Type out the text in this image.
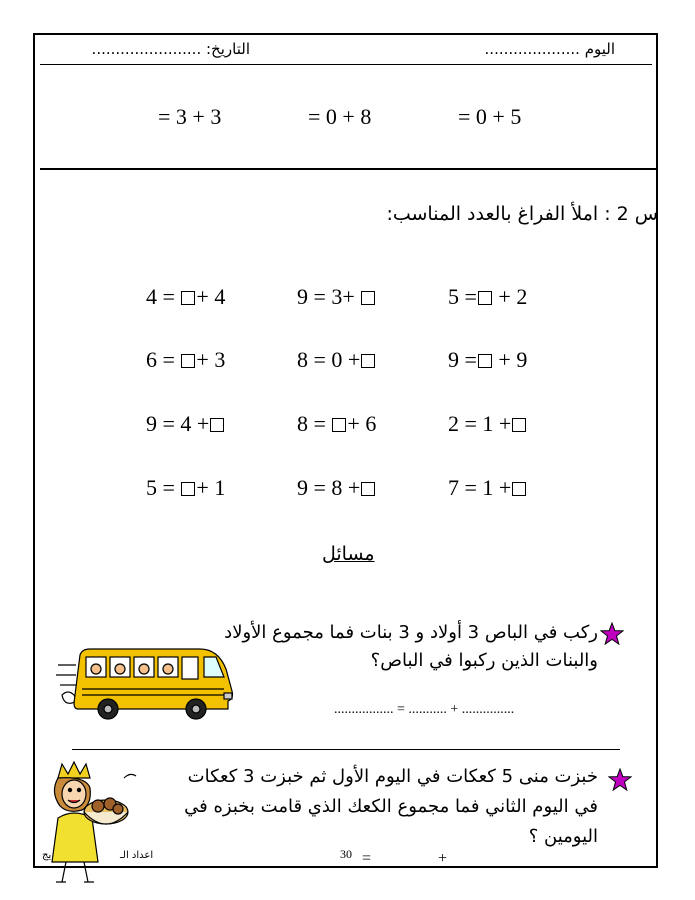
اليوم ....................
التاريخ: .......................
= 0 + 5
= 0 + 8
= 3 + 3
س 2 : املأ الفراغ بالعدد المناسب:
5 = + 2
9 = 3+
4 = + 4
9 = + 9
8 = 0 +
6 = + 3
2 = 1 +
8 = + 6
9 = 4 +
7 = 1 +
9 = 8 +
5 = + 1
مسائل
ركب في الباص 3 أولاد و 3 بنات فما مجموع الأولاد
والبنات الذين ركبوا في الباص؟
................. = ........... + ...............
خبزت منى 5 كعكات في اليوم الأول ثم خبزت 3 كعكات
في اليوم الثاني فما مجموع الكعك الذي قامت بخبزه في
اليومين ؟
اعداد الـ
يج	30 =	+
